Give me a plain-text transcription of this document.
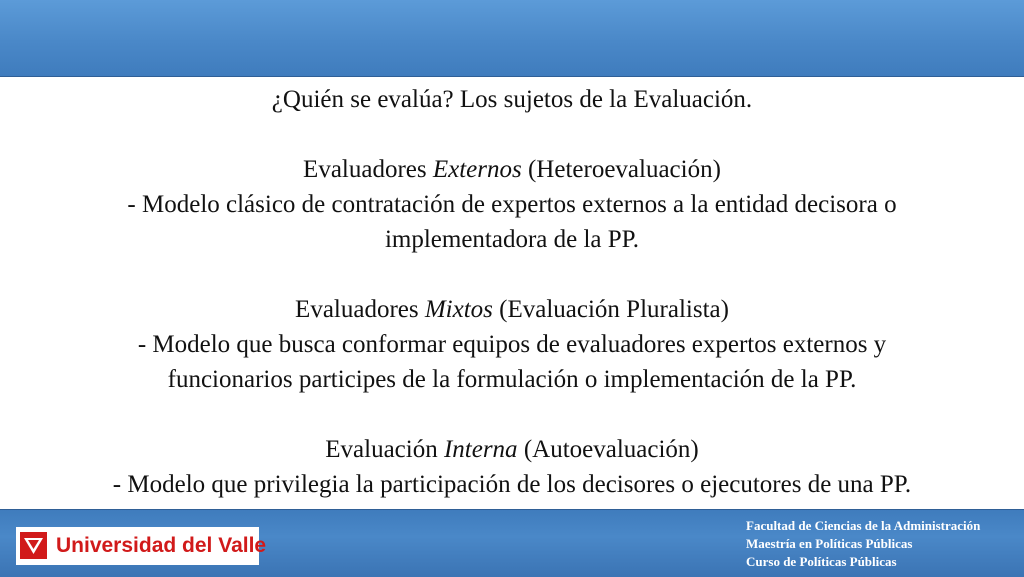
¿Quién se evalúa? Los sujetos de la Evaluación.

Evaluadores Externos (Heteroevaluación)

- Modelo clásico de contratación de expertos externos a la entidad decisora o

implementadora de la PP.

Evaluadores Mixtos (Evaluación Pluralista)

- Modelo que busca conformar equipos de evaluadores expertos externos y

funcionarios participes de la formulación o implementación de la PP.

Evaluación Interna (Autoevaluación)

- Modelo que privilegia la participación de los decisores o ejecutores de una PP.

Universidad del Valle
Facultad de Ciencias de la Administración
Maestría en Políticas Públicas
Curso de Políticas Públicas
